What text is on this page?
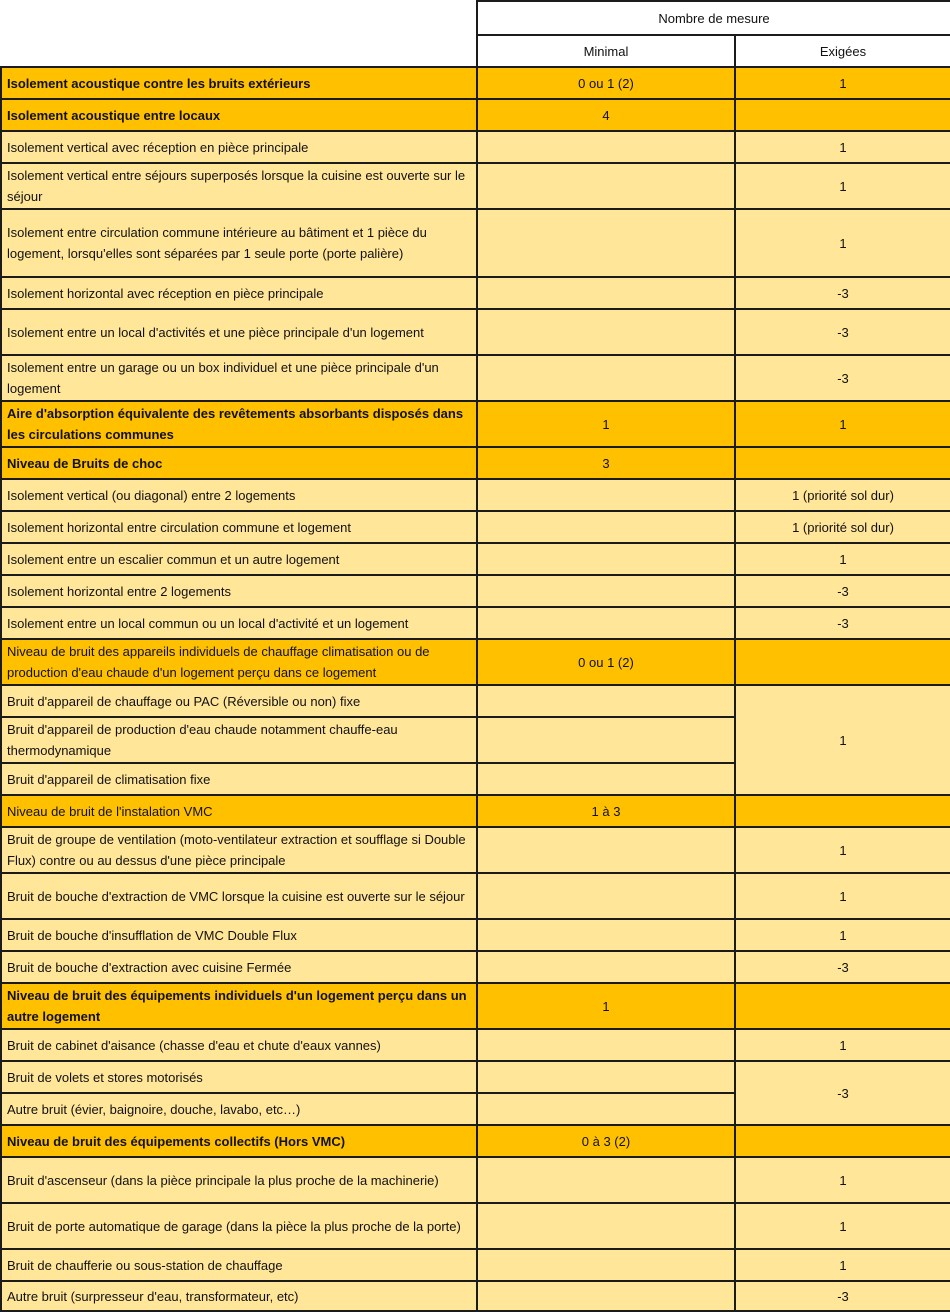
	Nombre de mesure	
	Minimal	Exigées
Isolement acoustique contre les bruits extérieurs	0 ou 1 (2)	1
Isolement acoustique entre locaux	4	
Isolement vertical avec réception en pièce principale		1
Isolement vertical entre séjours superposés lorsque la cuisine est ouverte sur le séjour		1
Isolement entre circulation commune intérieure au bâtiment et 1 pièce du logement, lorsqu'elles sont séparées par 1 seule porte (porte palière)		1
Isolement horizontal avec réception en pièce principale		-3
Isolement entre un local d'activités et une pièce principale d'un logement		-3
Isolement entre un garage ou un box individuel et une pièce principale d'un logement		-3
Aire d'absorption équivalente des revêtements absorbants disposés dans les circulations communes	1	1
Niveau de Bruits de choc	3	
Isolement vertical (ou diagonal) entre 2 logements		1 (priorité sol dur)
Isolement horizontal entre circulation commune et logement		1 (priorité sol dur)
Isolement entre un escalier commun et un autre logement		1
Isolement horizontal entre 2 logements		-3
Isolement entre un local commun ou un local d'activité et un logement		-3
Niveau de bruit des appareils individuels de chauffage climatisation ou de production d'eau chaude d'un logement perçu dans ce logement	0 ou 1 (2)	
Bruit d'appareil de chauffage ou PAC (Réversible ou non) fixe		1
Bruit d'appareil de production d'eau chaude notamment chauffe-eau thermodynamique		
Bruit d'appareil de climatisation fixe		
Niveau de bruit de l'instalation VMC	1 à 3	
Bruit de groupe de ventilation (moto-ventilateur extraction et soufflage si Double Flux) contre ou au dessus d'une pièce principale		1
Bruit de bouche d'extraction de VMC lorsque la cuisine est ouverte sur le séjour		1
Bruit de bouche d'insufflation de VMC Double Flux		1
Bruit de bouche d'extraction avec cuisine Fermée		-3
Niveau de bruit des équipements individuels d'un logement perçu dans un autre logement	1	
Bruit de cabinet d'aisance (chasse d'eau et chute d'eaux vannes)		1
Bruit de volets et stores motorisés		-3
Autre bruit (évier, baignoire, douche, lavabo, etc…)		
Niveau de bruit des équipements collectifs (Hors VMC)	0 à 3 (2)	
Bruit d'ascenseur (dans la pièce principale la plus proche de la machinerie)		1
Bruit de porte automatique de garage (dans la pièce la plus proche de la porte)		1
Bruit de chaufferie ou sous-station de chauffage		1
Autre bruit (surpresseur d'eau, transformateur, etc)		-3
